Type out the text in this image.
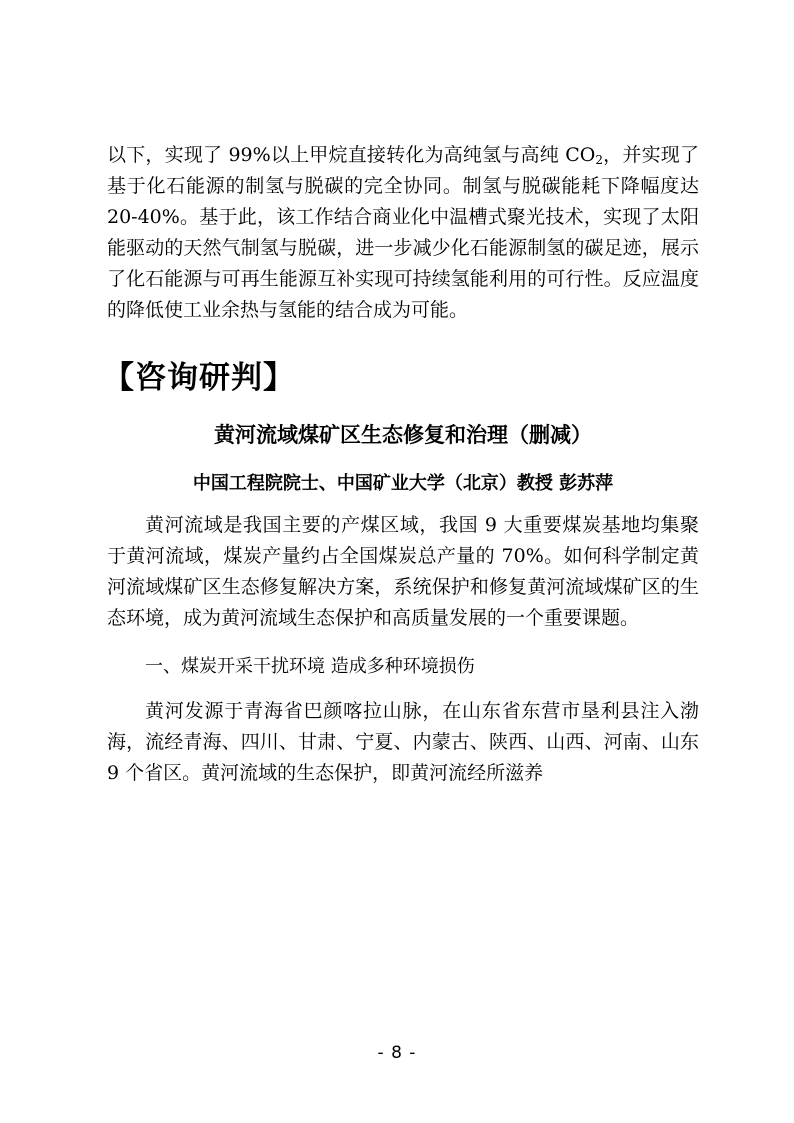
以下，实现了 99%以上甲烷直接转化为高纯氢与高纯 $CO_2$，并实现了基于化石能源的制氢与脱碳的完全协同。制氢与脱碳能耗下降幅度达 20-40%。基于此，该工作结合商业化中温槽式聚光技术，实现了太阳能驱动的天然气制氢与脱碳，进一步减少化石能源制氢的碳足迹，展示了化石能源与可再生能源互补实现可持续氢能利用的可行性。反应温度的降低使工业余热与氢能的结合成为可能。

【咨询研判】
黄河流域煤矿区生态修复和治理（删减）
中国工程院院士、中国矿业大学（北京）教授 彭苏萍

黄河流域是我国主要的产煤区域，我国 9 大重要煤炭基地均集聚于黄河流域，煤炭产量约占全国煤炭总产量的 70%。如何科学制定黄河流域煤矿区生态修复解决方案，系统保护和修复黄河流域煤矿区的生态环境，成为黄河流域生态保护和高质量发展的一个重要课题。

一、煤炭开采干扰环境 造成多种环境损伤

黄河发源于青海省巴颜喀拉山脉，在山东省东营市垦利县注入渤海，流经青海、四川、甘肃、宁夏、内蒙古、陕西、山西、河南、山东 9 个省区。黄河流域的生态保护，即黄河流经所滋养

- 8 -
